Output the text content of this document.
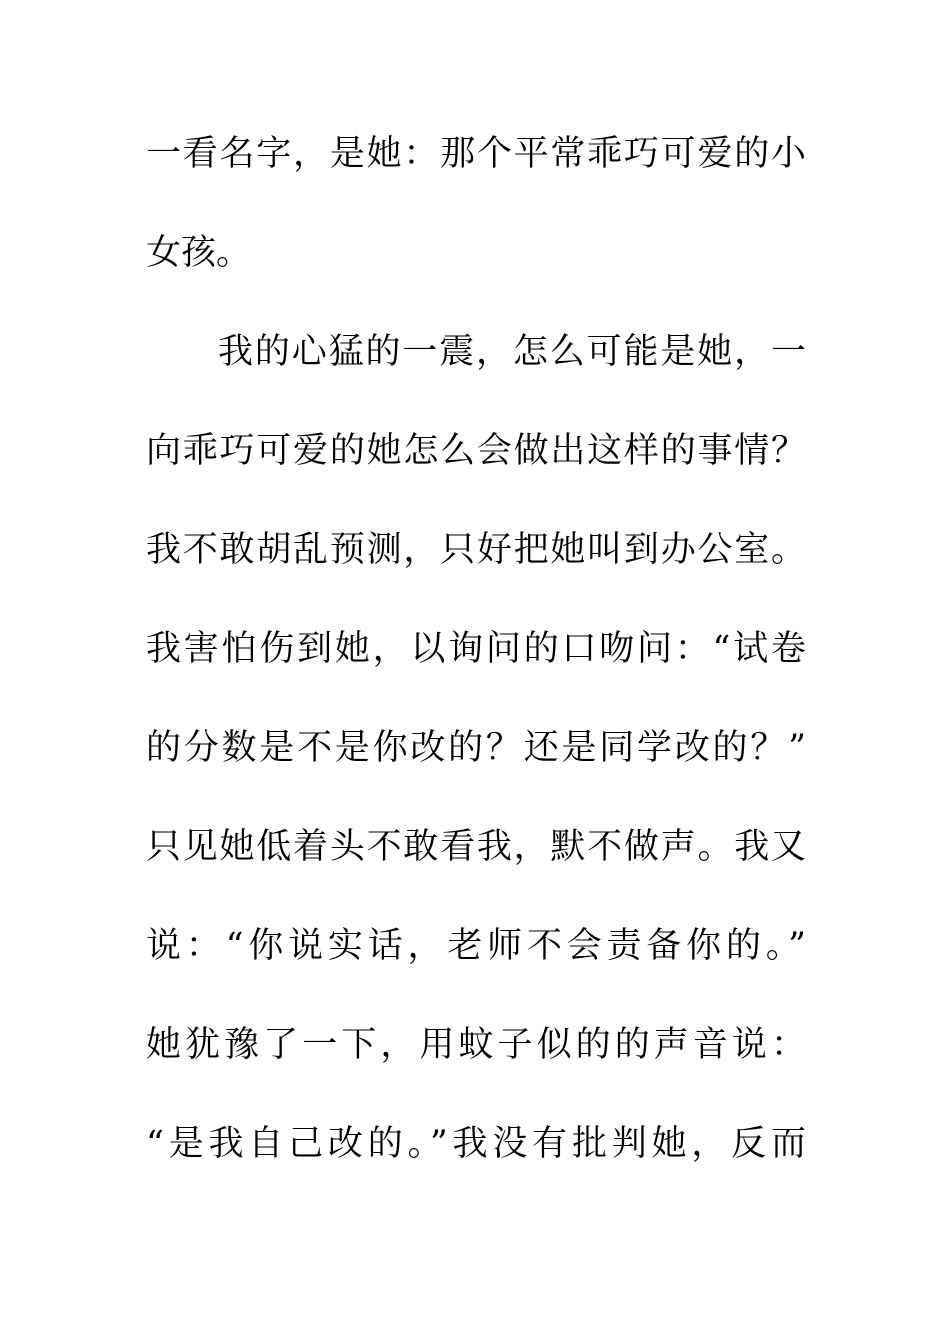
一看名字，是她：那个平常乖巧可爱的小
女孩。
我的心猛的一震，怎么可能是她，一
向乖巧可爱的她怎么会做出这样的事情？
我不敢胡乱预测，只好把她叫到办公室。
我害怕伤到她，以询问的口吻问：“试卷
的分数是不是你改的？还是同学改的？”
只见她低着头不敢看我，默不做声。我又
说：“你说实话，老师不会责备你的。”
她犹豫了一下，用蚊子似的的声音说：
“是我自己改的。”我没有批判她，反而
